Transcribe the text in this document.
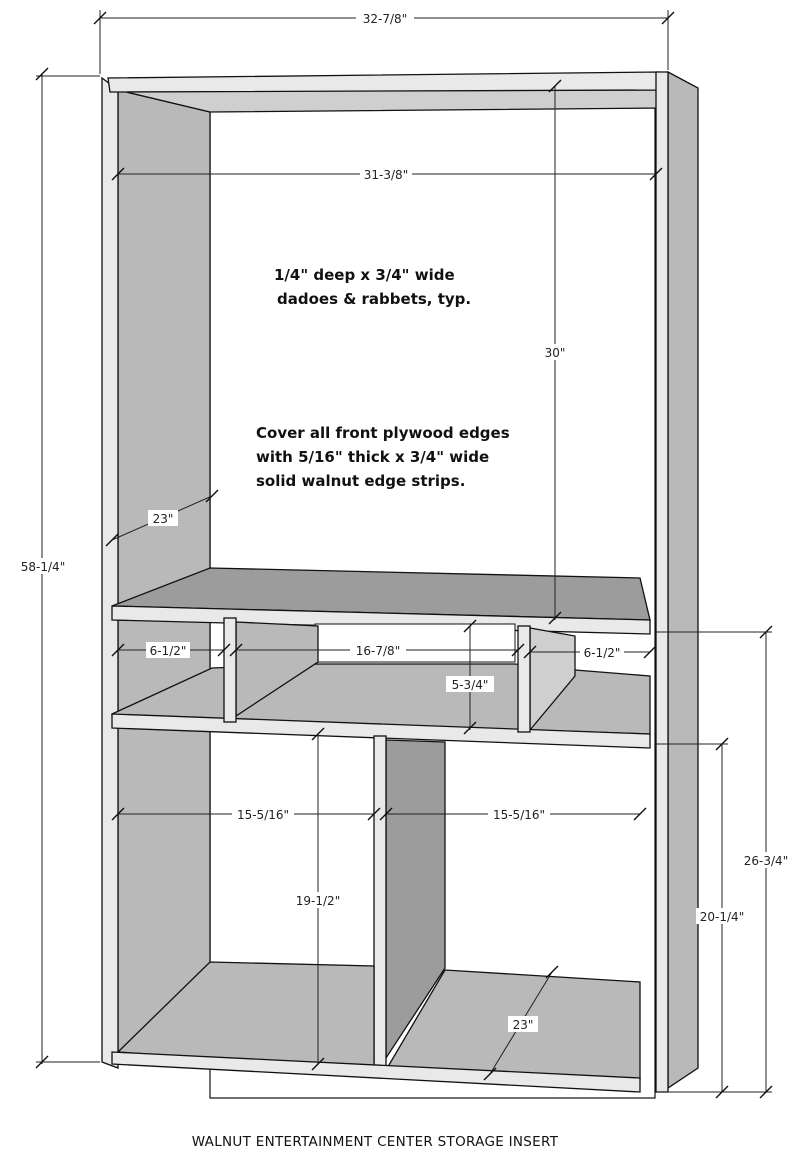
32-7/8"
58-1/4"
31-3/8"
30"
23"
6-1/2"	16-7/8"	6-1/2"
5-3/4"
15-5/16"	15-5/16"
19-1/2"
23"
26-3/4"
20-1/4"
1/4" deep x 3/4" wide
dadoes & rabbets, typ.
Cover all front plywood edges
with 5/16" thick x 3/4" wide
solid walnut edge strips.
WALNUT ENTERTAINMENT CENTER STORAGE INSERT
